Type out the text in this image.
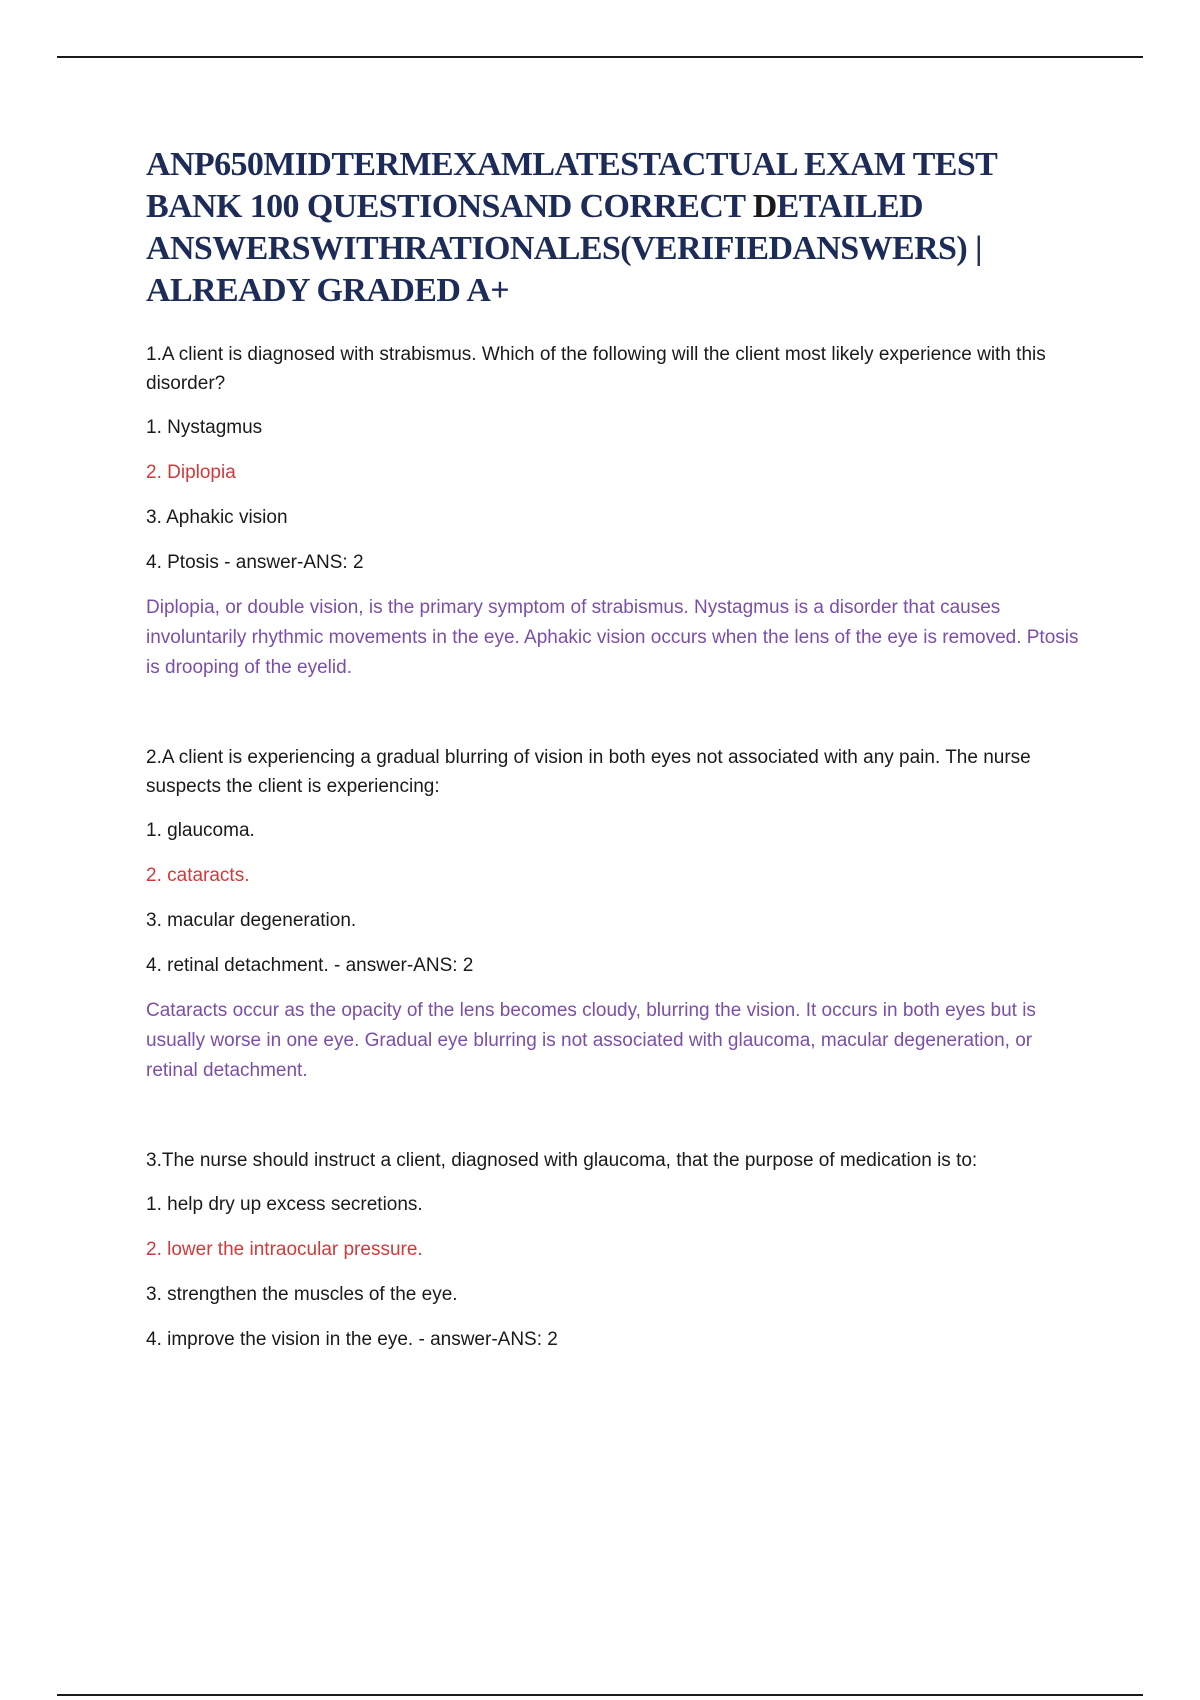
ANP650MIDTERMEXAMLATESTACTUAL EXAM TEST
BANK 100 QUESTIONSAND CORRECT DETAILED
ANSWERSWITHRATIONALES(VERIFIEDANSWERS) |
ALREADY GRADED A+

1.A client is diagnosed with strabismus. Which of the following will the client most likely experience with this disorder?

1. Nystagmus

2. Diplopia

3. Aphakic vision

4. Ptosis - answer-ANS: 2

Diplopia, or double vision, is the primary symptom of strabismus. Nystagmus is a disorder that causes involuntarily rhythmic movements in the eye. Aphakic vision occurs when the lens of the eye is removed. Ptosis is drooping of the eyelid.

2.A client is experiencing a gradual blurring of vision in both eyes not associated with any pain. The nurse suspects the client is experiencing:

1. glaucoma.

2. cataracts.

3. macular degeneration.

4. retinal detachment. - answer-ANS: 2

Cataracts occur as the opacity of the lens becomes cloudy, blurring the vision. It occurs in both eyes but is usually worse in one eye. Gradual eye blurring is not associated with glaucoma, macular degeneration, or retinal detachment.

3.The nurse should instruct a client, diagnosed with glaucoma, that the purpose of medication is to:

1. help dry up excess secretions.

2. lower the intraocular pressure.

3. strengthen the muscles of the eye.

4. improve the vision in the eye. - answer-ANS: 2
